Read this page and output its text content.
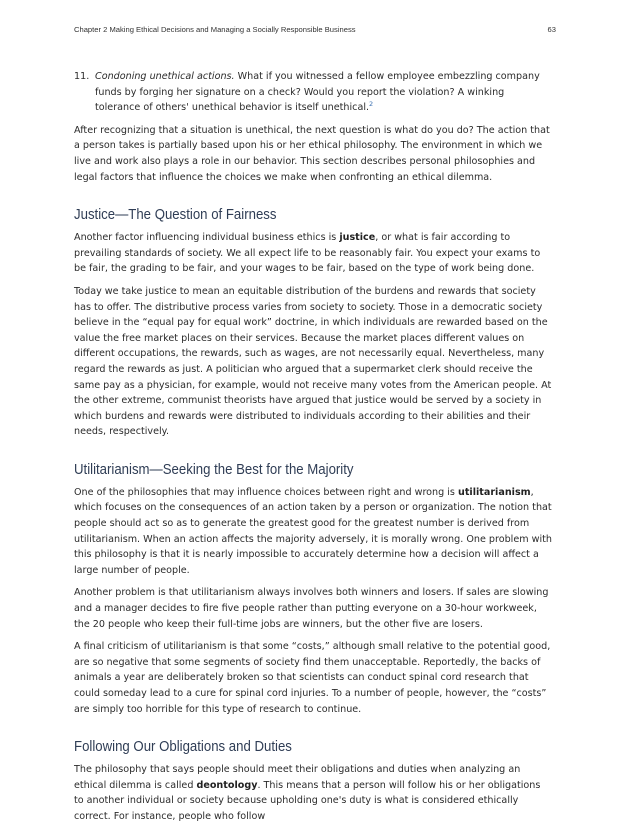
Chapter 2 Making Ethical Decisions and Managing a Socially Responsible Business	63

11. Condoning unethical actions. What if you witnessed a fellow employee embezzling company funds by forging her signature on a check? Would you report the violation? A winking tolerance of others' unethical behavior is itself unethical.$^2$

After recognizing that a situation is unethical, the next question is what do you do? The action that a person takes is partially based upon his or her ethical philosophy. The environment in which we live and work also plays a role in our behavior. This section describes personal philosophies and legal factors that influence the choices we make when confronting an ethical dilemma.

Justice—The Question of Fairness

Another factor influencing individual business ethics is justice, or what is fair according to prevailing standards of society. We all expect life to be reasonably fair. You expect your exams to be fair, the grading to be fair, and your wages to be fair, based on the type of work being done.

Today we take justice to mean an equitable distribution of the burdens and rewards that society has to offer. The distributive process varies from society to society. Those in a democratic society believe in the “equal pay for equal work” doctrine, in which individuals are rewarded based on the value the free market places on their services. Because the market places different values on different occupations, the rewards, such as wages, are not necessarily equal. Nevertheless, many regard the rewards as just. A politician who argued that a supermarket clerk should receive the same pay as a physician, for example, would not receive many votes from the American people. At the other extreme, communist theorists have argued that justice would be served by a society in which burdens and rewards were distributed to individuals according to their abilities and their needs, respectively.

Utilitarianism—Seeking the Best for the Majority

One of the philosophies that may influence choices between right and wrong is utilitarianism, which focuses on the consequences of an action taken by a person or organization. The notion that people should act so as to generate the greatest good for the greatest number is derived from utilitarianism. When an action affects the majority adversely, it is morally wrong. One problem with this philosophy is that it is nearly impossible to accurately determine how a decision will affect a large number of people.

Another problem is that utilitarianism always involves both winners and losers. If sales are slowing and a manager decides to fire five people rather than putting everyone on a 30-hour workweek, the 20 people who keep their full-time jobs are winners, but the other five are losers.

A final criticism of utilitarianism is that some “costs,” although small relative to the potential good, are so negative that some segments of society find them unacceptable. Reportedly, the backs of animals a year are deliberately broken so that scientists can conduct spinal cord research that could someday lead to a cure for spinal cord injuries. To a number of people, however, the “costs” are simply too horrible for this type of research to continue.

Following Our Obligations and Duties

The philosophy that says people should meet their obligations and duties when analyzing an ethical dilemma is called deontology. This means that a person will follow his or her obligations to another individual or society because upholding one's duty is what is considered ethically correct. For instance, people who follow
